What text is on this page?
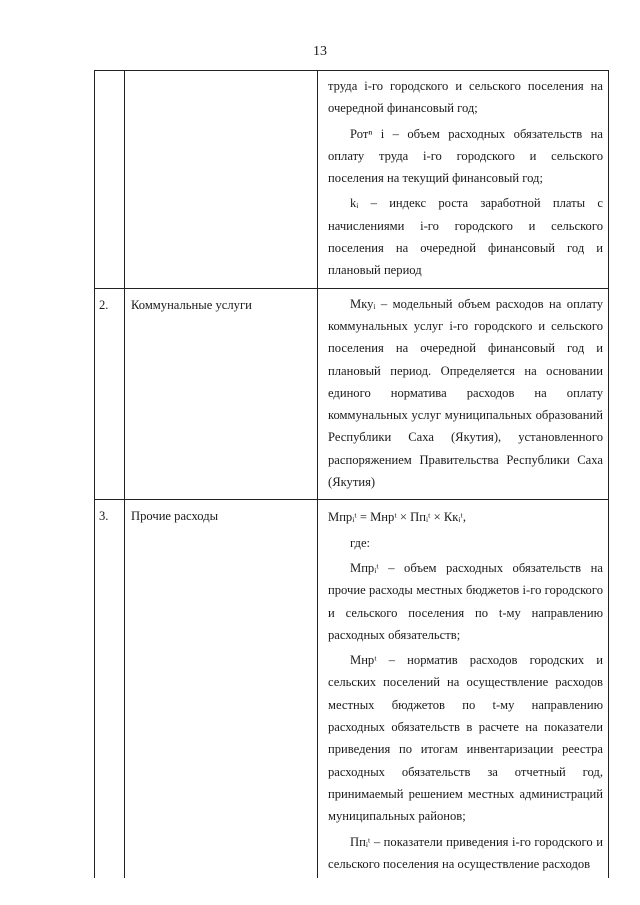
13

		труда i-го городского и сельского поселения на очередной финансовый год;

Ротⁿ i – объем расходных обязательств на оплату труда i-го городского и сельского поселения на текущий финансовый год;

kᵢ – индекс роста заработной платы с начислениями i-го городского и сельского поселения на очередной финансовый год и плановый период

2.	Коммунальные услуги	Мкуᵢ – модельный объем расходов на оплату коммунальных услуг i-го городского и сельского поселения на очередной финансовый год и плановый период. Определяется на основании единого норматива расходов на оплату коммунальных услуг муниципальных образований Республики Саха (Якутия), установленного распоряжением Правительства Республики Саха (Якутия)

3.	Прочие расходы	Мпрᵢᵗ = Мнрᵗ × Ппᵢᵗ × Ккᵢᵗ,

где:

Мпрᵢᵗ – объем расходных обязательств на прочие расходы местных бюджетов i-го городского и сельского поселения по t-му направлению расходных обязательств;

Мнрᵗ – норматив расходов городских и сельских поселений на осуществление расходов местных бюджетов по t-му направлению расходных обязательств в расчете на показатели приведения по итогам инвентаризации реестра расходных обязательств за отчетный год, принимаемый решением местных администраций муниципальных районов;

Ппᵢᵗ – показатели приведения i-го городского и сельского поселения на осуществление расходов
